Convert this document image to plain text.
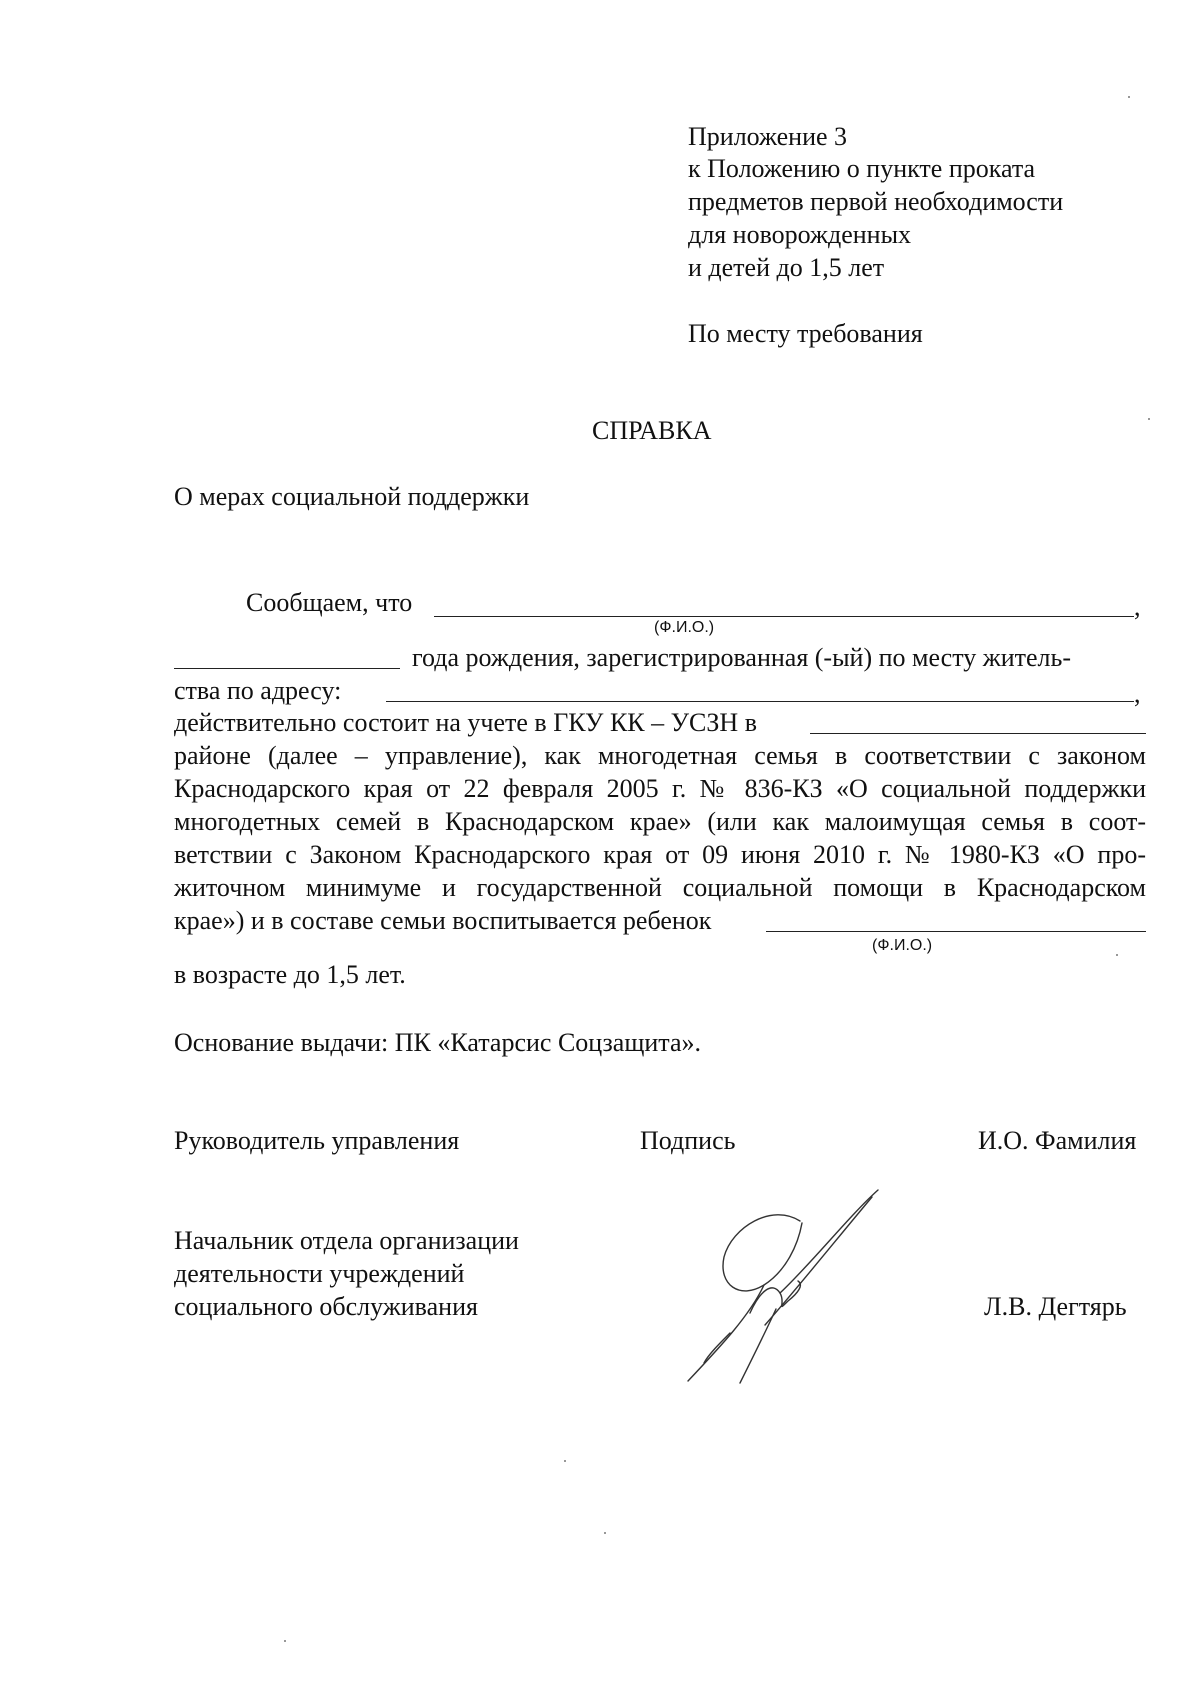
Приложение 3
к Положению о пункте проката
предметов первой необходимости
для новорожденных
и детей до 1,5 лет
По месту требования
СПРАВКА
О мерах социальной поддержки
Сообщаем, что	,
(Ф.И.О.)
года рождения, зарегистрированная (-ый) по месту житель-
ства по адресу:	,
действительно состоит на учете в ГКУ КК – УСЗН в
районе (далее – управление), как многодетная семья в соответствии с законом
Краснодарского края от 22 февраля 2005 г. № 836-КЗ «О социальной поддержки
многодетных семей в Краснодарском крае» (или как малоимущая семья в соот-
ветствии с Законом Краснодарского края от 09 июня 2010 г. № 1980-КЗ «О про-
житочном минимуме и государственной социальной помощи в Краснодарском
крае») и в составе семьи воспитывается ребенок
(Ф.И.О.)
в возрасте до 1,5 лет.
Основание выдачи: ПК «Катарсис Соцзащита».
Руководитель управления	Подпись	И.О. Фамилия
Начальник отдела организации
деятельности учреждений
социального обслуживания	Л.В. Дегтярь
